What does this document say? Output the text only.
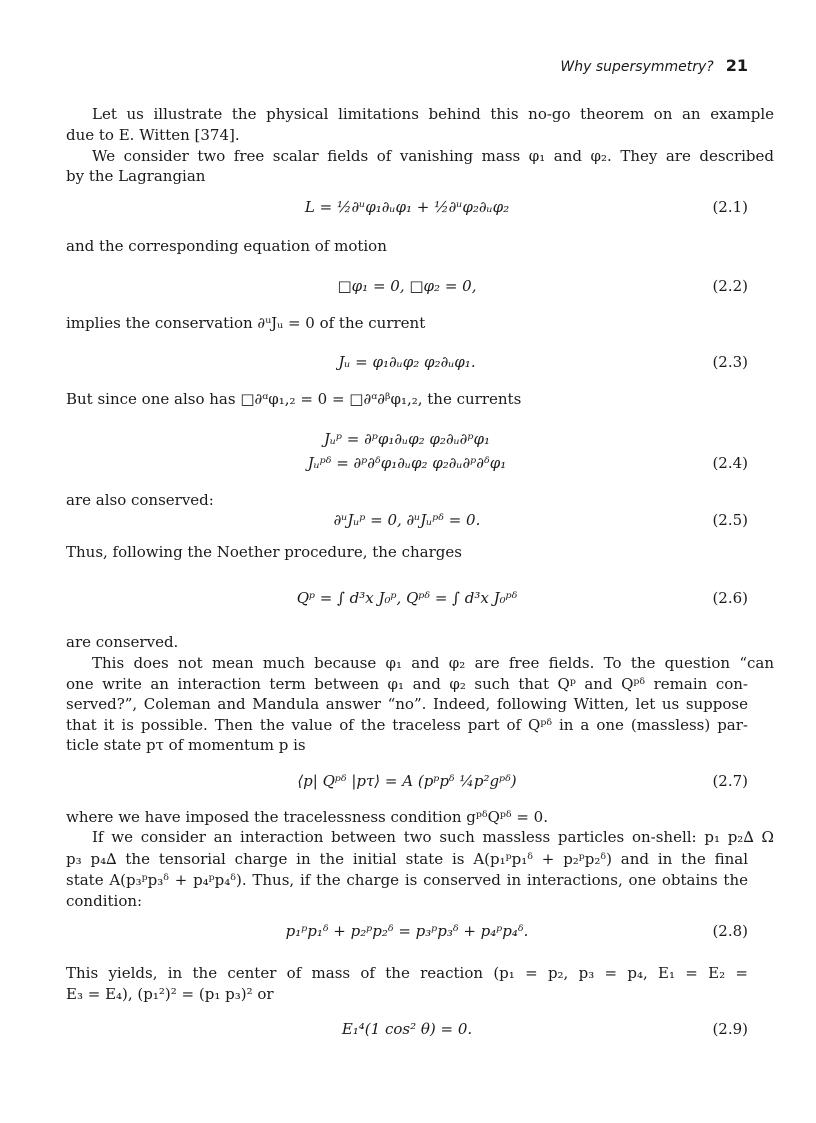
Why supersymmetry? 21
Let us illustrate the physical limitations behind this no-go theorem on an example
due to E. Witten [374].
We consider two free scalar fields of vanishing mass φ₁ and φ₂. They are described
by the Lagrangian
L = ½∂ᵘφ₁∂ᵤφ₁ + ½∂ᵘφ₂∂ᵤφ₂	(2.1)
and the corresponding equation of motion
□φ₁ = 0, □φ₂ = 0,	(2.2)
implies the conservation ∂ᵘJᵤ = 0 of the current
Jᵤ = φ₁∂ᵤφ₂ φ₂∂ᵤφ₁.	(2.3)
But since one also has □∂ᵅφ₁,₂ = 0 = □∂ᵅ∂ᵝφ₁,₂, the currents
Jᵤᵖ = ∂ᵖφ₁∂ᵤφ₂ φ₂∂ᵤ∂ᵖφ₁
Jᵤᵖᵟ = ∂ᵖ∂ᵟφ₁∂ᵤφ₂ φ₂∂ᵤ∂ᵖ∂ᵟφ₁	(2.4)
are also conserved:
∂ᵘJᵤᵖ = 0, ∂ᵘJᵤᵖᵟ = 0.	(2.5)
Thus, following the Noether procedure, the charges
Qᵖ = ∫ d³x J₀ᵖ, Qᵖᵟ = ∫ d³x J₀ᵖᵟ	(2.6)
are conserved.
This does not mean much because φ₁ and φ₂ are free fields. To the question “can
one write an interaction term between φ₁ and φ₂ such that Qᵖ and Qᵖᵟ remain con-
served?”, Coleman and Mandula answer “no”. Indeed, following Witten, let us suppose
that it is possible. Then the value of the traceless part of Qᵖᵟ in a one (massless) par-
ticle state pτ of momentum p is
⟨p| Qᵖᵟ |pτ⟩ = A (pᵖpᵟ ¼p²gᵖᵟ)	(2.7)
where we have imposed the tracelessness condition gᵖᵟQᵖᵟ = 0.
If we consider an interaction between two such massless particles on-shell: p₁ p₂∆ Ω
p₃ p₄∆ the tensorial charge in the initial state is A(p₁ᵖp₁ᵟ + p₂ᵖp₂ᵟ) and in the final
state A(p₃ᵖp₃ᵟ + p₄ᵖp₄ᵟ). Thus, if the charge is conserved in interactions, one obtains the
condition:
p₁ᵖp₁ᵟ + p₂ᵖp₂ᵟ = p₃ᵖp₃ᵟ + p₄ᵖp₄ᵟ.	(2.8)
This yields, in the center of mass of the reaction (p₁ = p₂, p₃ = p₄, E₁ = E₂ =
E₃ = E₄), (p₁²)² = (p₁ p₃)² or
E₁⁴(1 cos² θ) = 0.	(2.9)
